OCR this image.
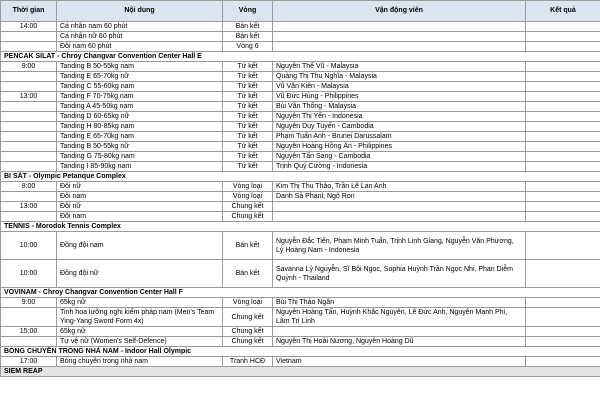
Thời gian	Nội dung	Vòng	Vận động viên	Kết quả
14:00	Cá nhân nam 60 phút	Bán kết		
	Cá nhân nữ 60 phút	Bán kết		
	Đôi nam 60 phút	Vòng 6		
PENCAK SILAT - Chroy Changvar Convention Center Hall E				
9:00	Tanding B 50-55kg nam	Tứ kết	Nguyễn Thế Vũ - Malaysia	
	Tanding E 65-70kg nữ	Tứ kết	Quàng Thị Thu Nghĩa - Malaysia	
	Tanding C 55-60kg nam	Tứ kết	Vũ Văn Kiên - Malaysia	
13:00	Tanding F 70-75kg nam	Tứ kết	Vũ Đức Hùng - Philippines	
	Tanding A 45-50kg nam	Tứ kết	Bùi Văn Thống - Malaysia	
	Tanding D 60-65kg nữ	Tứ kết	Nguyễn Thị Yến - Indonesia	
	Tanding H 80-85kg nam	Tứ kết	Nguyễn Duy Tuyến - Cambodia	
	Tanding E 65-70kg nam	Tứ kết	Phạm Tuấn Anh - Brunei Darussalam	
	Tanding B 50-55kg nữ	Tứ kết	Nguyễn Hoàng Hồng Ân - Philippines	
	Tanding G 75-80kg nam	Tứ kết	Nguyễn Tấn Sang - Cambodia	
	Tanding I 85-90kg nam	Tứ kết	Trịnh Quý Cường - Indonesia	
BI SẮT - Olympic Petanque Complex				
8:00	Đôi nữ	Vòng loại	Kim Thị Thu Thảo, Trần Lê Lan Anh	
	Đôi nam	Vòng loại	Danh Sà Phanl, Ngô Ron	
13:00	Đôi nữ	Chung kết		
	Đôi nam	Chung kết		
TENNIS - Morodok Tennis Complex				
10:00	Đồng đội nam	Bán kết	Nguyễn Đắc Tiến, Phạm Minh Tuấn, Trịnh Linh Giang, Nguyễn Văn Phương, Lý Hoàng Nam - Indonesia	
10:00	Đồng đội nữ	Bán kết	Savanna Lý Nguyễn, Sĩ Bội Ngọc, Sophia Huỳnh Trần Ngọc Nhi, Phan Diễm Quỳnh - Thailand	
VOVINAM - Chroy Changvar Convention Center Hall F				
9:00	65kg nữ	Vòng loại	Bùi Thị Thảo Ngân	
	Tinh hoa lưỡng nghi kiếm pháp nam (Men's Team Ying-Yang Sword Form 4x)	Chung kết	Nguyễn Hoàng Tấn, Huỳnh Khắc Nguyên, Lê Đức Anh, Nguyễn Mạnh Phi, Lâm Trí Linh	
15:00	65kg nữ	Chung kết		
	Tự vệ nữ (Women's Self-Defence)	Chung kết	Nguyễn Thị Hoài Nương, Nguyễn Hoàng Dũ	
BÓNG CHUYỀN TRONG NHÀ NAM - Indoor Hall Olympic				
17:00	Bóng chuyền trong nhà nam	Tranh HCĐ	Vietnam	
SIEM REAP				
